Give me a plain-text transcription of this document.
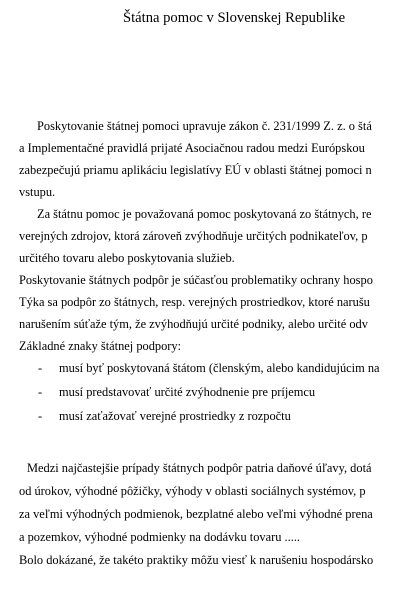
Štátna pomoc v Slovenskej Republike
Poskytovanie štátnej pomoci upravuje zákon č. 231/1999 Z. z. o štá
a Implementačné pravidlá prijaté Asociačnou radou medzi Európskou
zabezpečujú priamu aplikáciu legislatívy EÚ v oblasti štátnej pomoci n
vstupu.
Za štátnu pomoc je považovaná pomoc poskytovaná zo štátnych, re
verejných zdrojov, ktorá zároveň zvýhodňuje určitých podnikateľov, p
určitého tovaru alebo poskytovania služieb.
Poskytovanie štátnych podpôr je súčasťou problematiky ochrany hospo
Týka sa podpôr zo štátnych, resp. verejných prostriedkov, ktoré narušu
narušením súťaže tým, že zvýhodňujú určité podniky, alebo určité odv
Základné znaky štátnej podpory:
- musí byť poskytovaná štátom (členským, alebo kandidujúcim na
- musí predstavovať určité zvýhodnenie pre príjemcu
- musí zaťažovať verejné prostriedky z rozpočtu
Medzi najčastejšie prípady štátnych podpôr patria daňové úľavy, dotá
od úrokov, výhodné pôžičky, výhody v oblasti sociálnych systémov, p
za veľmi výhodných podmienok, bezplatné alebo veľmi výhodné prena
a pozemkov, výhodné podmienky na dodávku tovaru .....
Bolo dokázané, že takéto praktiky môžu viesť k narušeniu hospodársko
